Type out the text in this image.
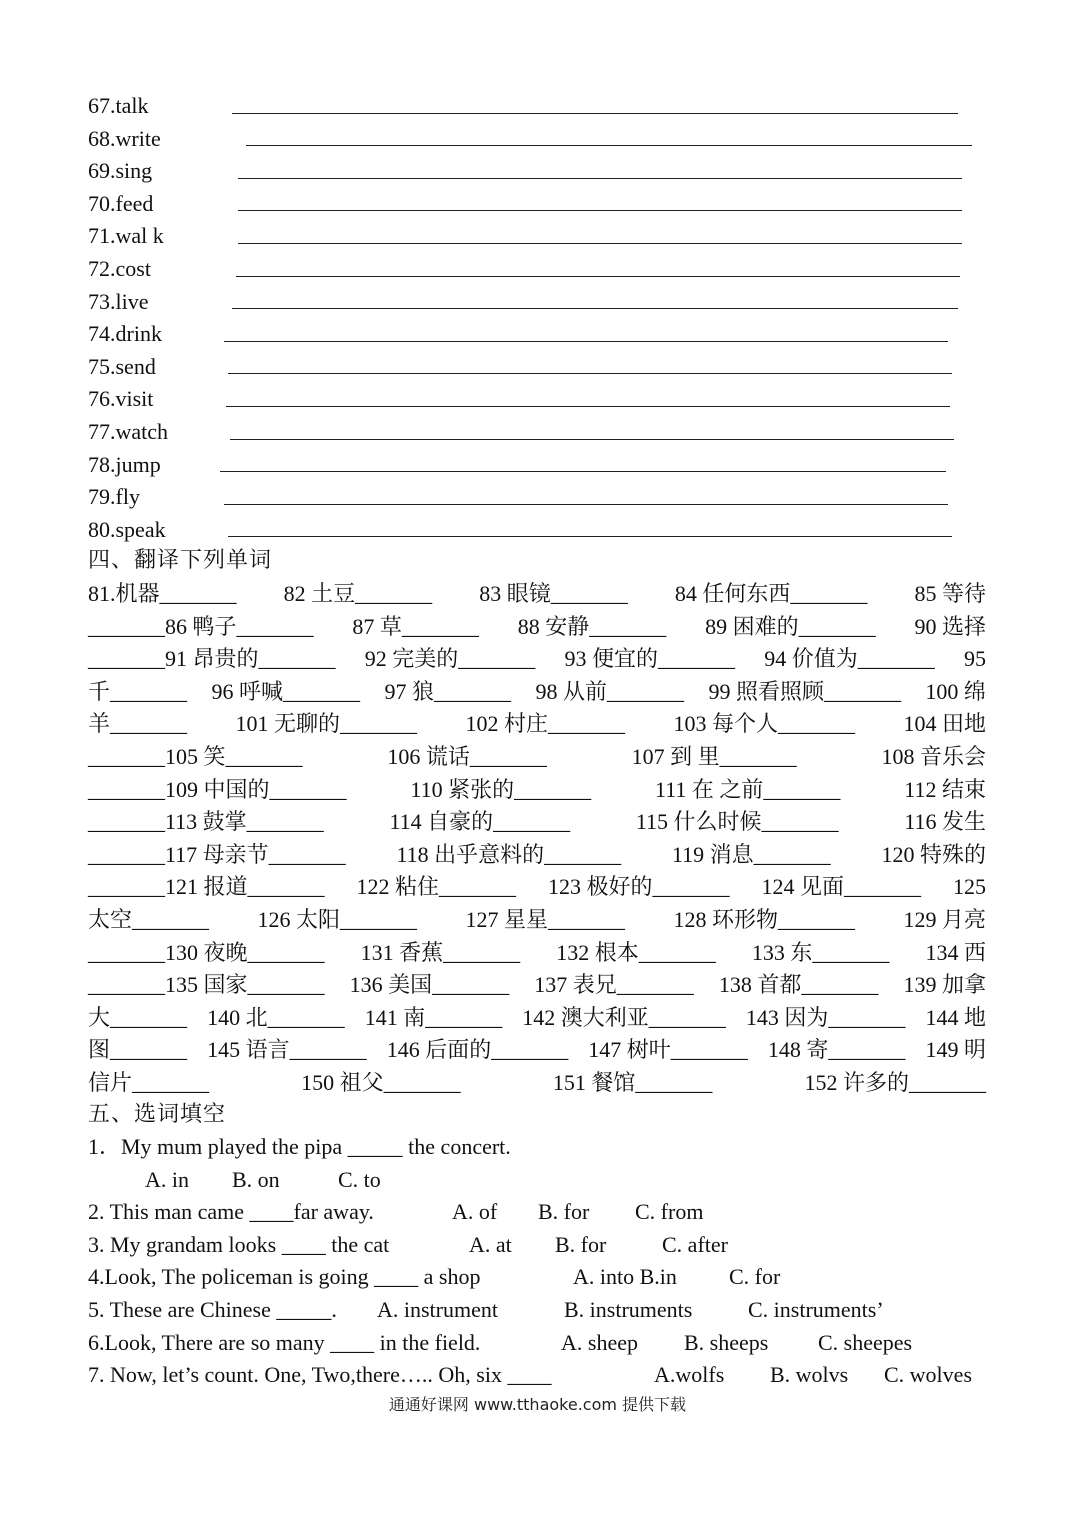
67.talk
68.write
69.sing
70.feed
71.wal k
72.cost
73.live
74.drink
75.send
76.visit
77.watch
78.jump
79.fly
80.speak
四、翻译下列单词
81.机器_______ 82 土豆_______ 83 眼镜_______ 84 任何东西_______ 85 等待
_______86 鸭子_______ 87 草_______ 88 安静_______ 89 困难的_______ 90 选择
_______91 昂贵的_______ 92 完美的_______ 93 便宜的_______ 94 价值为_______ 95
千_______ 96 呼喊_______ 97 狼_______ 98 从前_______ 99 照看照顾_______ 100 绵
羊_______ 101 无聊的_______ 102 村庄_______ 103 每个人_______ 104 田地
_______105 笑_______	106 谎话_______	107 到 里_______	108 音乐会
_______109 中国的_______	110 紧张的_______	111 在 之前_______	112 结束
_______113 鼓掌_______	114 自豪的_______	115 什么时候_______	116 发生
_______117 母亲节_______ 118 出乎意料的_______ 119 消息_______ 120 特殊的
_______121 报道_______ 122 粘住_______ 123 极好的_______ 124 见面_______ 125
太空_______ 126 太阳_______ 127 星星_______ 128 环形物_______ 129 月亮
_______130 夜晚_______ 131 香蕉_______ 132 根本_______ 133 东_______ 134 西
_______135 国家_______ 136 美国_______ 137 表兄_______ 138 首都_______ 139 加拿
大_______ 140 北_______ 141 南_______ 142 澳大利亚_______ 143 因为_______ 144 地
图_______ 145 语言_______ 146 后面的_______ 147 树叶_______ 148 寄_______ 149 明
信片_______	150 祖父_______	151 餐馆_______	152 许多的_______
五、选词填空
1．My mum played the pipa _____ the concert.
A. in B. on	C. to
2. This man came ____far away.	A. of B. for C. from
3. My grandam looks ____ the cat	A. at B. for	C. after
4.Look, The policeman is going ____ a shop	A. into B.in C. for
5. These are Chinese _____. A. instrument	B. instruments	C. instruments’
6.Look, There are so many ____ in the field.	A. sheep B. sheeps C. sheepes
7. Now, let’s count. One, Two,there….. Oh, six ____	A.wolfs B. wolvs C. wolves
通通好课网 www.tthaoke.com 提供下载
